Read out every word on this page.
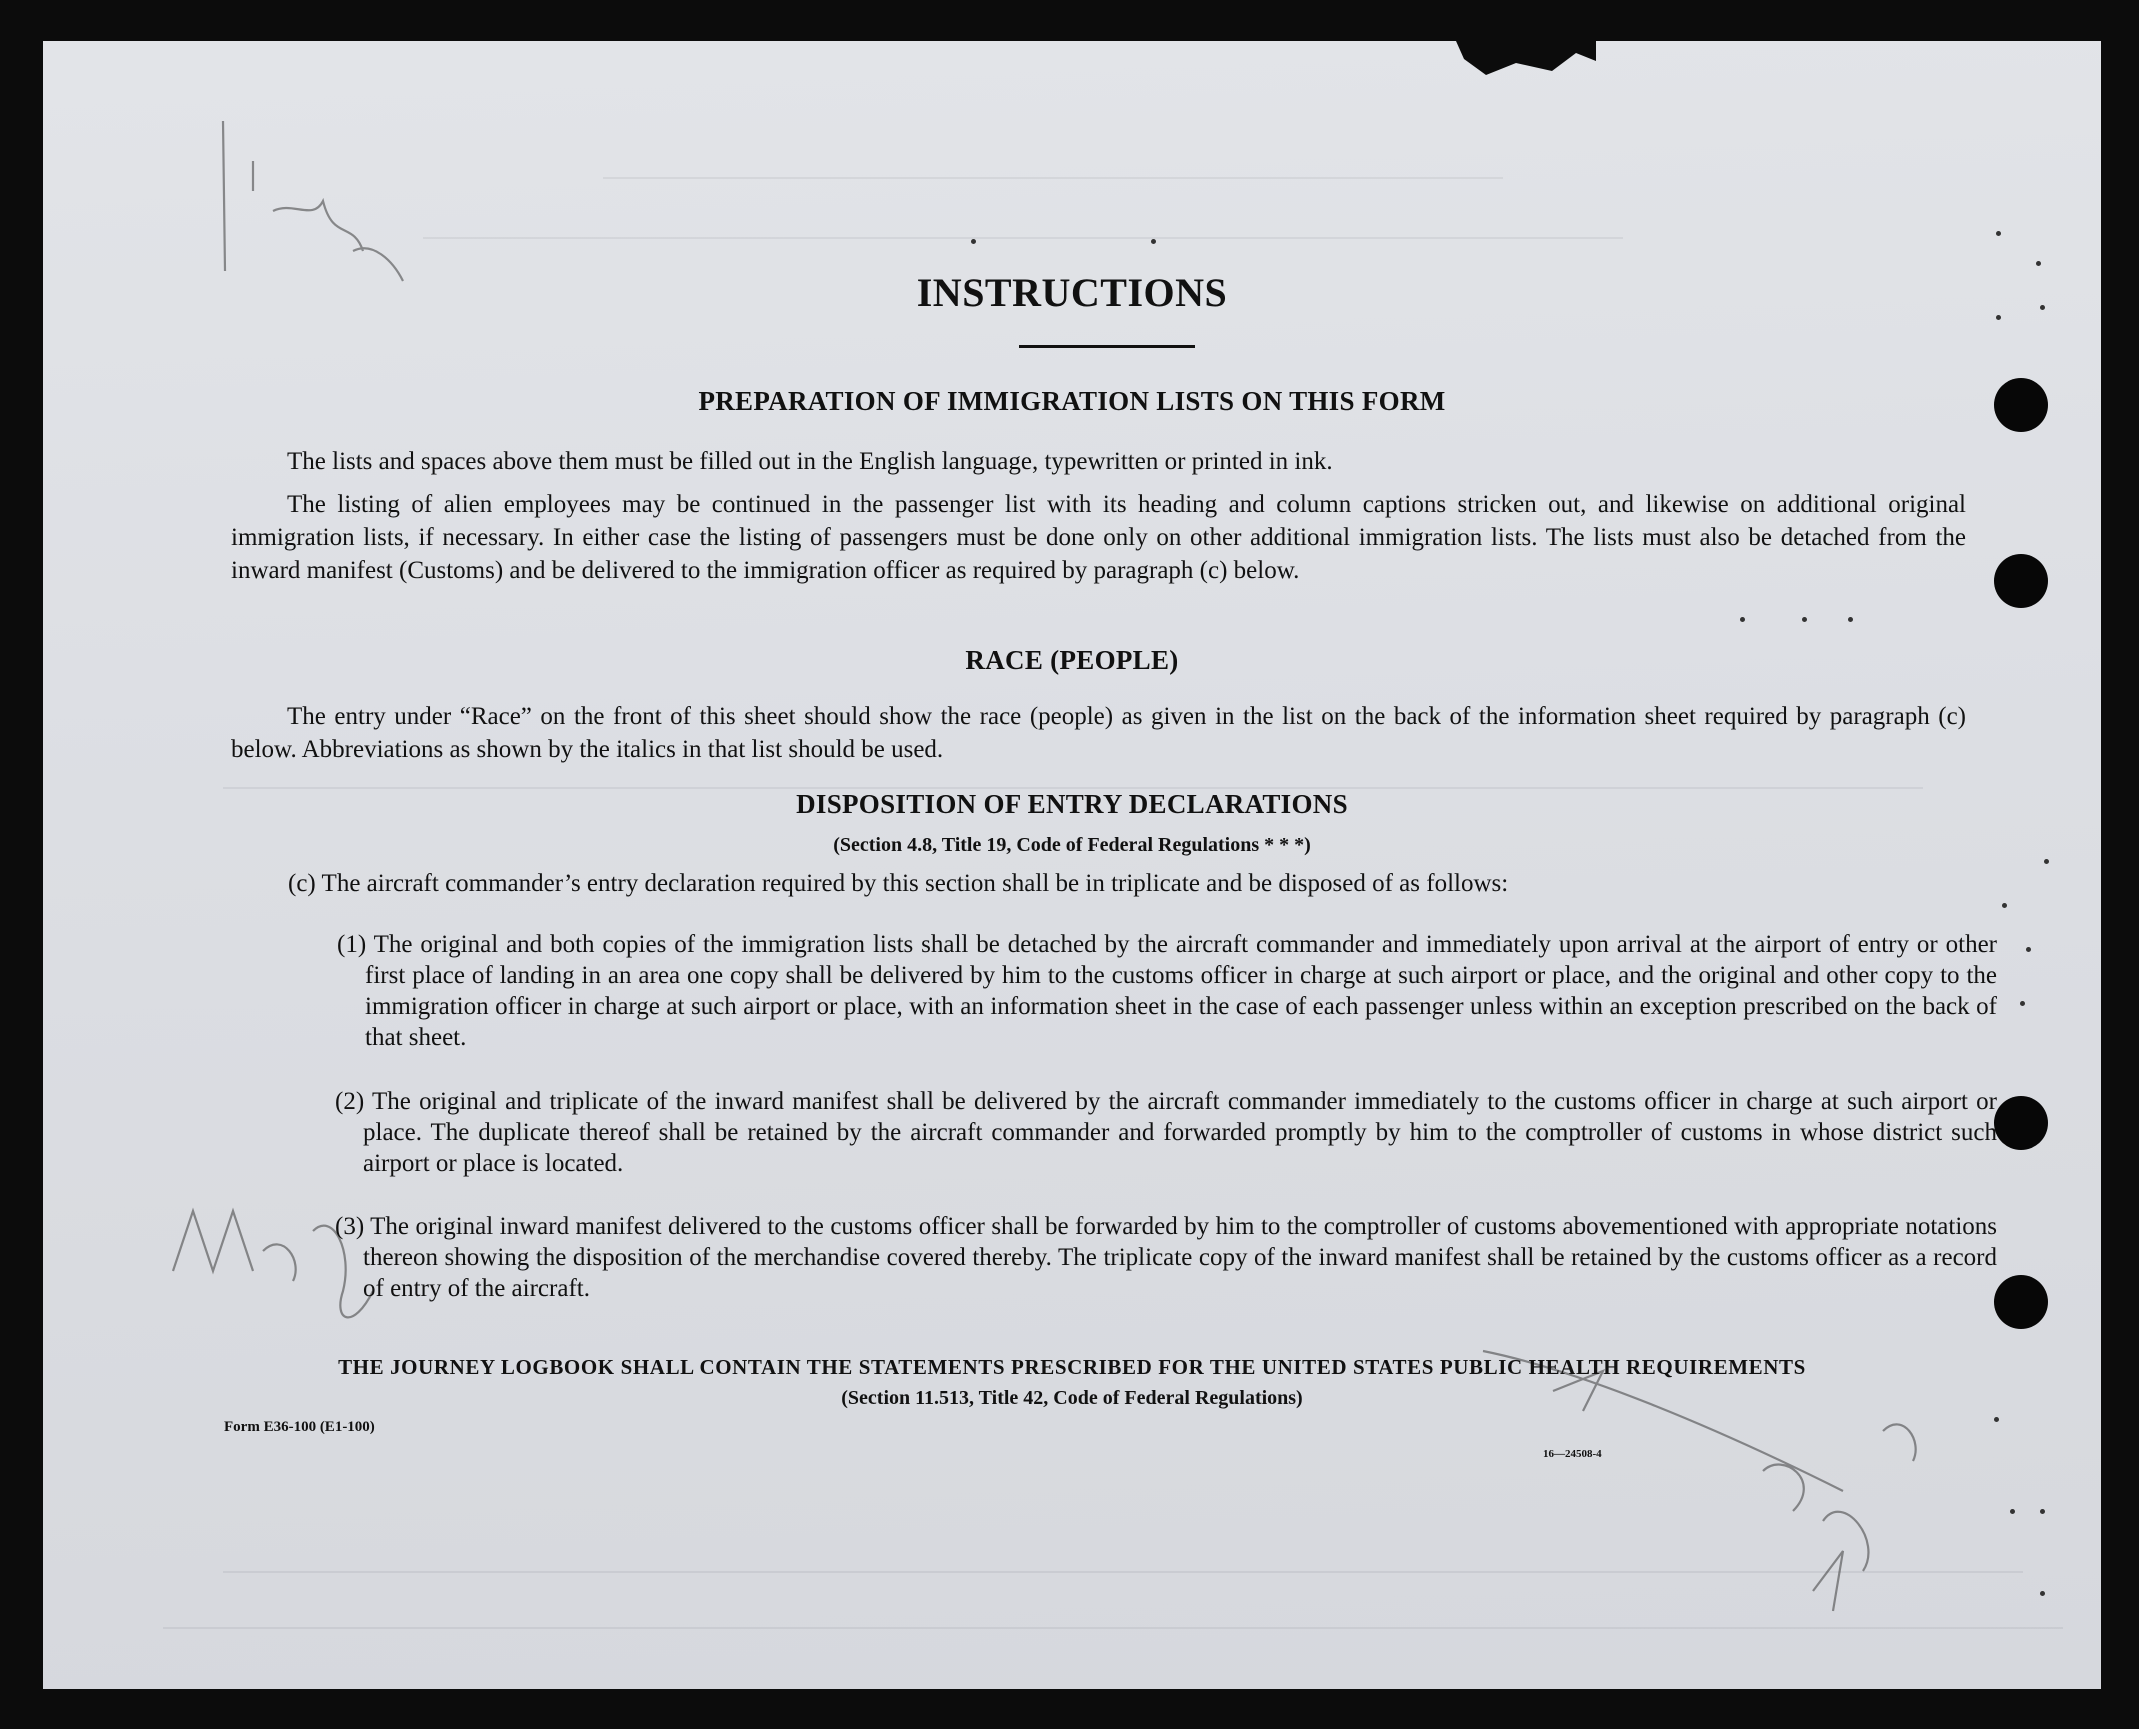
INSTRUCTIONS
PREPARATION OF IMMIGRATION LISTS ON THIS FORM
The lists and spaces above them must be filled out in the English language, typewritten or printed in ink.
The listing of alien employees may be continued in the passenger list with its heading and column captions stricken out, and likewise on additional original immigration lists, if necessary. In either case the listing of passengers must be done only on other additional immigration lists. The lists must also be detached from the inward manifest (Customs) and be delivered to the immigration officer as required by paragraph (c) below.
RACE (PEOPLE)
The entry under “Race” on the front of this sheet should show the race (people) as given in the list on the back of the information sheet required by paragraph (c) below. Abbreviations as shown by the italics in that list should be used.
DISPOSITION OF ENTRY DECLARATIONS
(Section 4.8, Title 19, Code of Federal Regulations * * *)
(c) The aircraft commander’s entry declaration required by this section shall be in triplicate and be disposed of as follows:
(1) The original and both copies of the immigration lists shall be detached by the aircraft commander and immediately upon arrival at the airport of entry or other first place of landing in an area one copy shall be delivered by him to the customs officer in charge at such airport or place, and the original and other copy to the immigration officer in charge at such airport or place, with an information sheet in the case of each passenger unless within an exception prescribed on the back of that sheet.
(2) The original and triplicate of the inward manifest shall be delivered by the aircraft commander immediately to the customs officer in charge at such airport or place. The duplicate thereof shall be retained by the aircraft commander and forwarded promptly by him to the comptroller of customs in whose district such airport or place is located.
(3) The original inward manifest delivered to the customs officer shall be forwarded by him to the comptroller of customs abovementioned with appropriate notations thereon showing the disposition of the merchandise covered thereby. The triplicate copy of the inward manifest shall be retained by the customs officer as a record of entry of the aircraft.
THE JOURNEY LOGBOOK SHALL CONTAIN THE STATEMENTS PRESCRIBED FOR THE UNITED STATES PUBLIC HEALTH REQUIREMENTS
(Section 11.513, Title 42, Code of Federal Regulations)
Form E36-100 (E1-100)
16—24508-4
